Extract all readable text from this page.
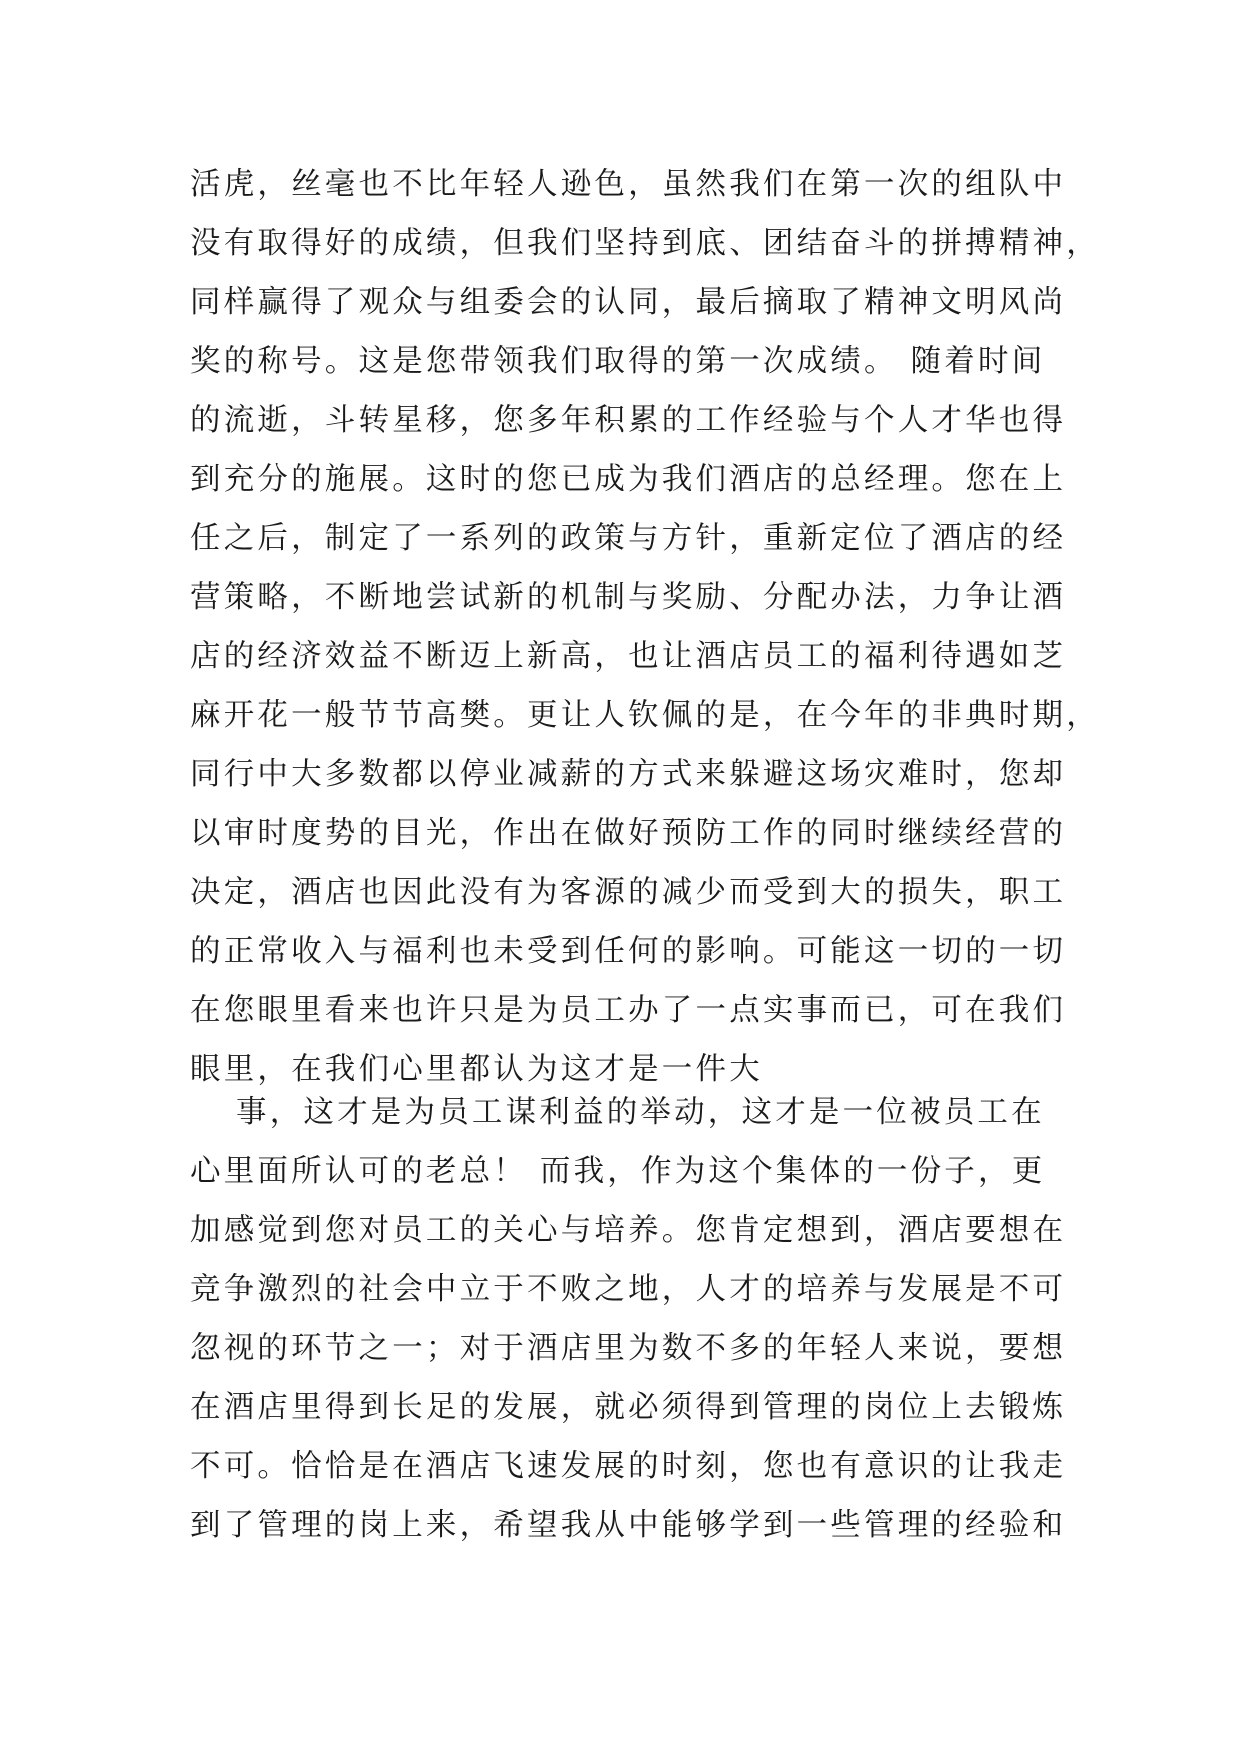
活虎，丝毫也不比年轻人逊色，虽然我们在第一次的组队中
没有取得好的成绩，但我们坚持到底、团结奋斗的拼搏精神，
同样赢得了观众与组委会的认同，最后摘取了精神文明风尚
奖的称号。这是您带领我们取得的第一次成绩。 随着时间
的流逝，斗转星移，您多年积累的工作经验与个人才华也得
到充分的施展。这时的您已成为我们酒店的总经理。您在上
任之后，制定了一系列的政策与方针，重新定位了酒店的经
营策略，不断地尝试新的机制与奖励、分配办法，力争让酒
店的经济效益不断迈上新高，也让酒店员工的福利待遇如芝
麻开花一般节节高樊。更让人钦佩的是，在今年的非典时期，
同行中大多数都以停业减薪的方式来躲避这场灾难时，您却
以审时度势的目光，作出在做好预防工作的同时继续经营的
决定，酒店也因此没有为客源的减少而受到大的损失，职工
的正常收入与福利也未受到任何的影响。可能这一切的一切
在您眼里看来也许只是为员工办了一点实事而已，可在我们
眼里，在我们心里都认为这才是一件大
事，这才是为员工谋利益的举动，这才是一位被员工在
心里面所认可的老总！ 而我，作为这个集体的一份子，更
加感觉到您对员工的关心与培养。您肯定想到，酒店要想在
竞争激烈的社会中立于不败之地，人才的培养与发展是不可
忽视的环节之一；对于酒店里为数不多的年轻人来说，要想
在酒店里得到长足的发展，就必须得到管理的岗位上去锻炼
不可。恰恰是在酒店飞速发展的时刻，您也有意识的让我走
到了管理的岗上来，希望我从中能够学到一些管理的经验和
